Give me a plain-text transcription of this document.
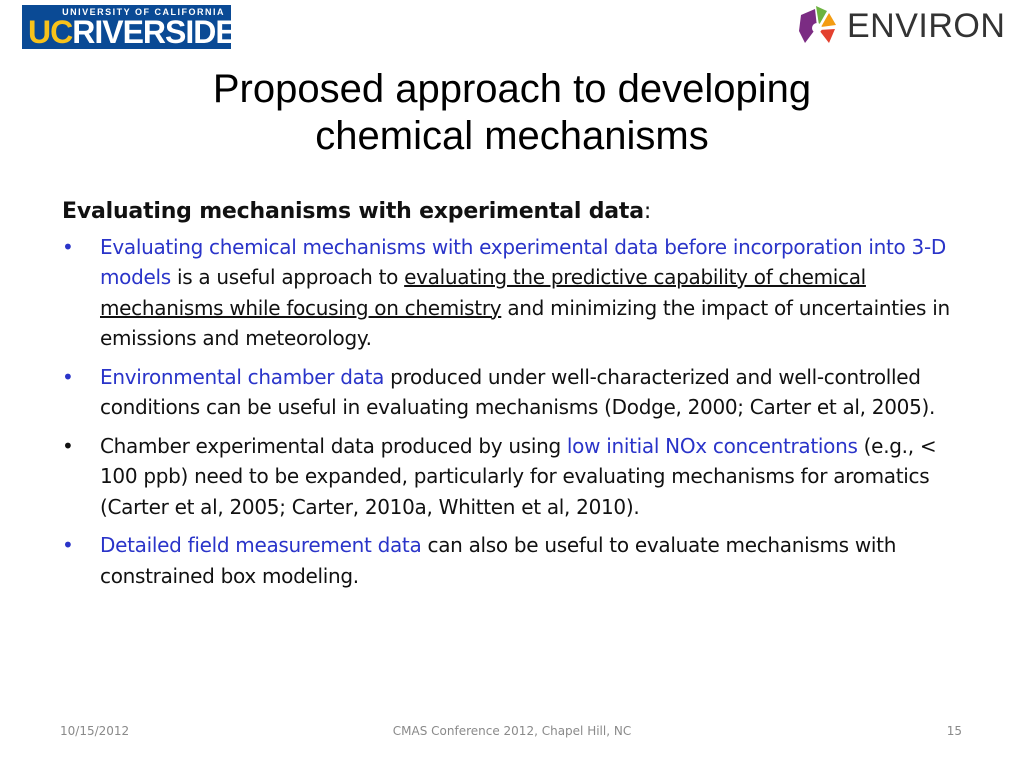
UNIVERSITY OF CALIFORNIA
UC RIVERSIDE	ENVIRON
Proposed approach to developing
chemical mechanisms
Evaluating mechanisms with experimental data:
• Evaluating chemical mechanisms with experimental data before incorporation into 3-D models is a useful approach to evaluating the predictive capability of chemical mechanisms while focusing on chemistry and minimizing the impact of uncertainties in emissions and meteorology.
• Environmental chamber data produced under well-characterized and well-controlled conditions can be useful in evaluating mechanisms (Dodge, 2000; Carter et al, 2005).
• Chamber experimental data produced by using low initial NOx concentrations (e.g., < 100 ppb) need to be expanded, particularly for evaluating mechanisms for aromatics (Carter et al, 2005; Carter, 2010a, Whitten et al, 2010).
• Detailed field measurement data can also be useful to evaluate mechanisms with constrained box modeling.
10/15/2012	CMAS Conference 2012, Chapel Hill, NC	15
